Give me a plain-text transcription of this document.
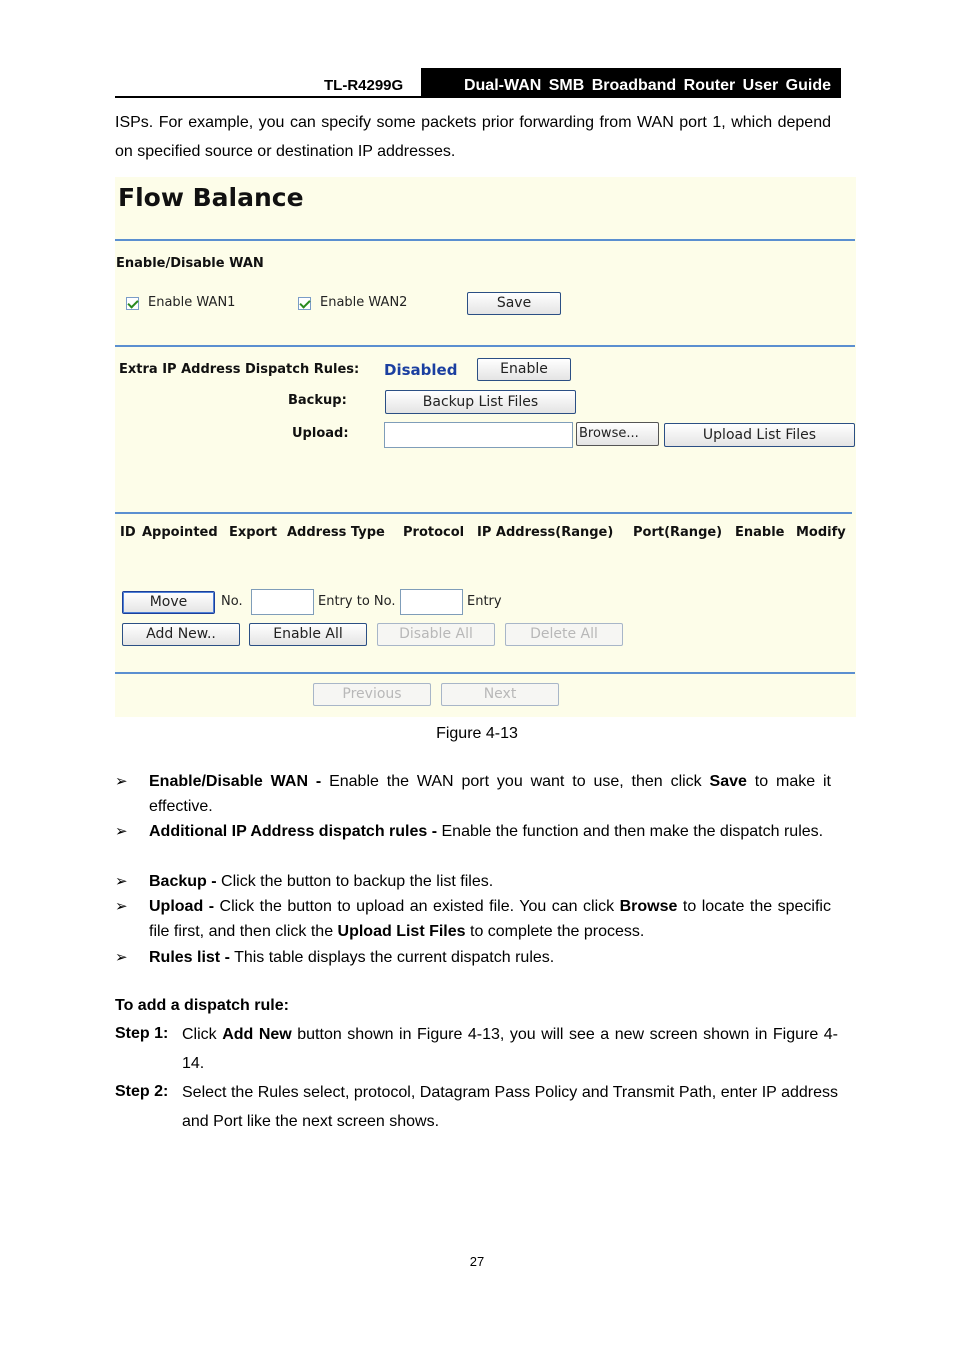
TL-R4299G	Dual-WAN SMB Broadband Router User Guide
ISPs. For example, you can specify some packets prior forwarding from WAN port 1, which depend on specified source or destination IP addresses.
Flow Balance
Enable/Disable WAN
Enable WAN1	Enable WAN2	Save
Extra IP Address Dispatch Rules: Disabled	Enable
Backup:	Backup List Files
Upload:	Browse...	Upload List Files
ID Appointed Export Address Type Protocol IP Address(Range) Port(Range) Enable Modify
Move	No.	Entry to No.	Entry
Add New..	Enable All	Disable All	Delete All
Previous	Next
Figure 4-13
➢ Enable/Disable WAN - Enable the WAN port you want to use, then click Save to make it effective.
➢ Additional IP Address dispatch rules - Enable the function and then make the dispatch rules.
➢ Backup - Click the button to backup the list files.
➢ Upload - Click the button to upload an existed file. You can click Browse to locate the specific file first, and then click the Upload List Files to complete the process.
➢ Rules list - This table displays the current dispatch rules.
To add a dispatch rule:
Step 1: Click Add New button shown in Figure 4-13, you will see a new screen shown in Figure 4-14.
Step 2: Select the Rules select, protocol, Datagram Pass Policy and Transmit Path, enter IP address and Port like the next screen shows.
27
